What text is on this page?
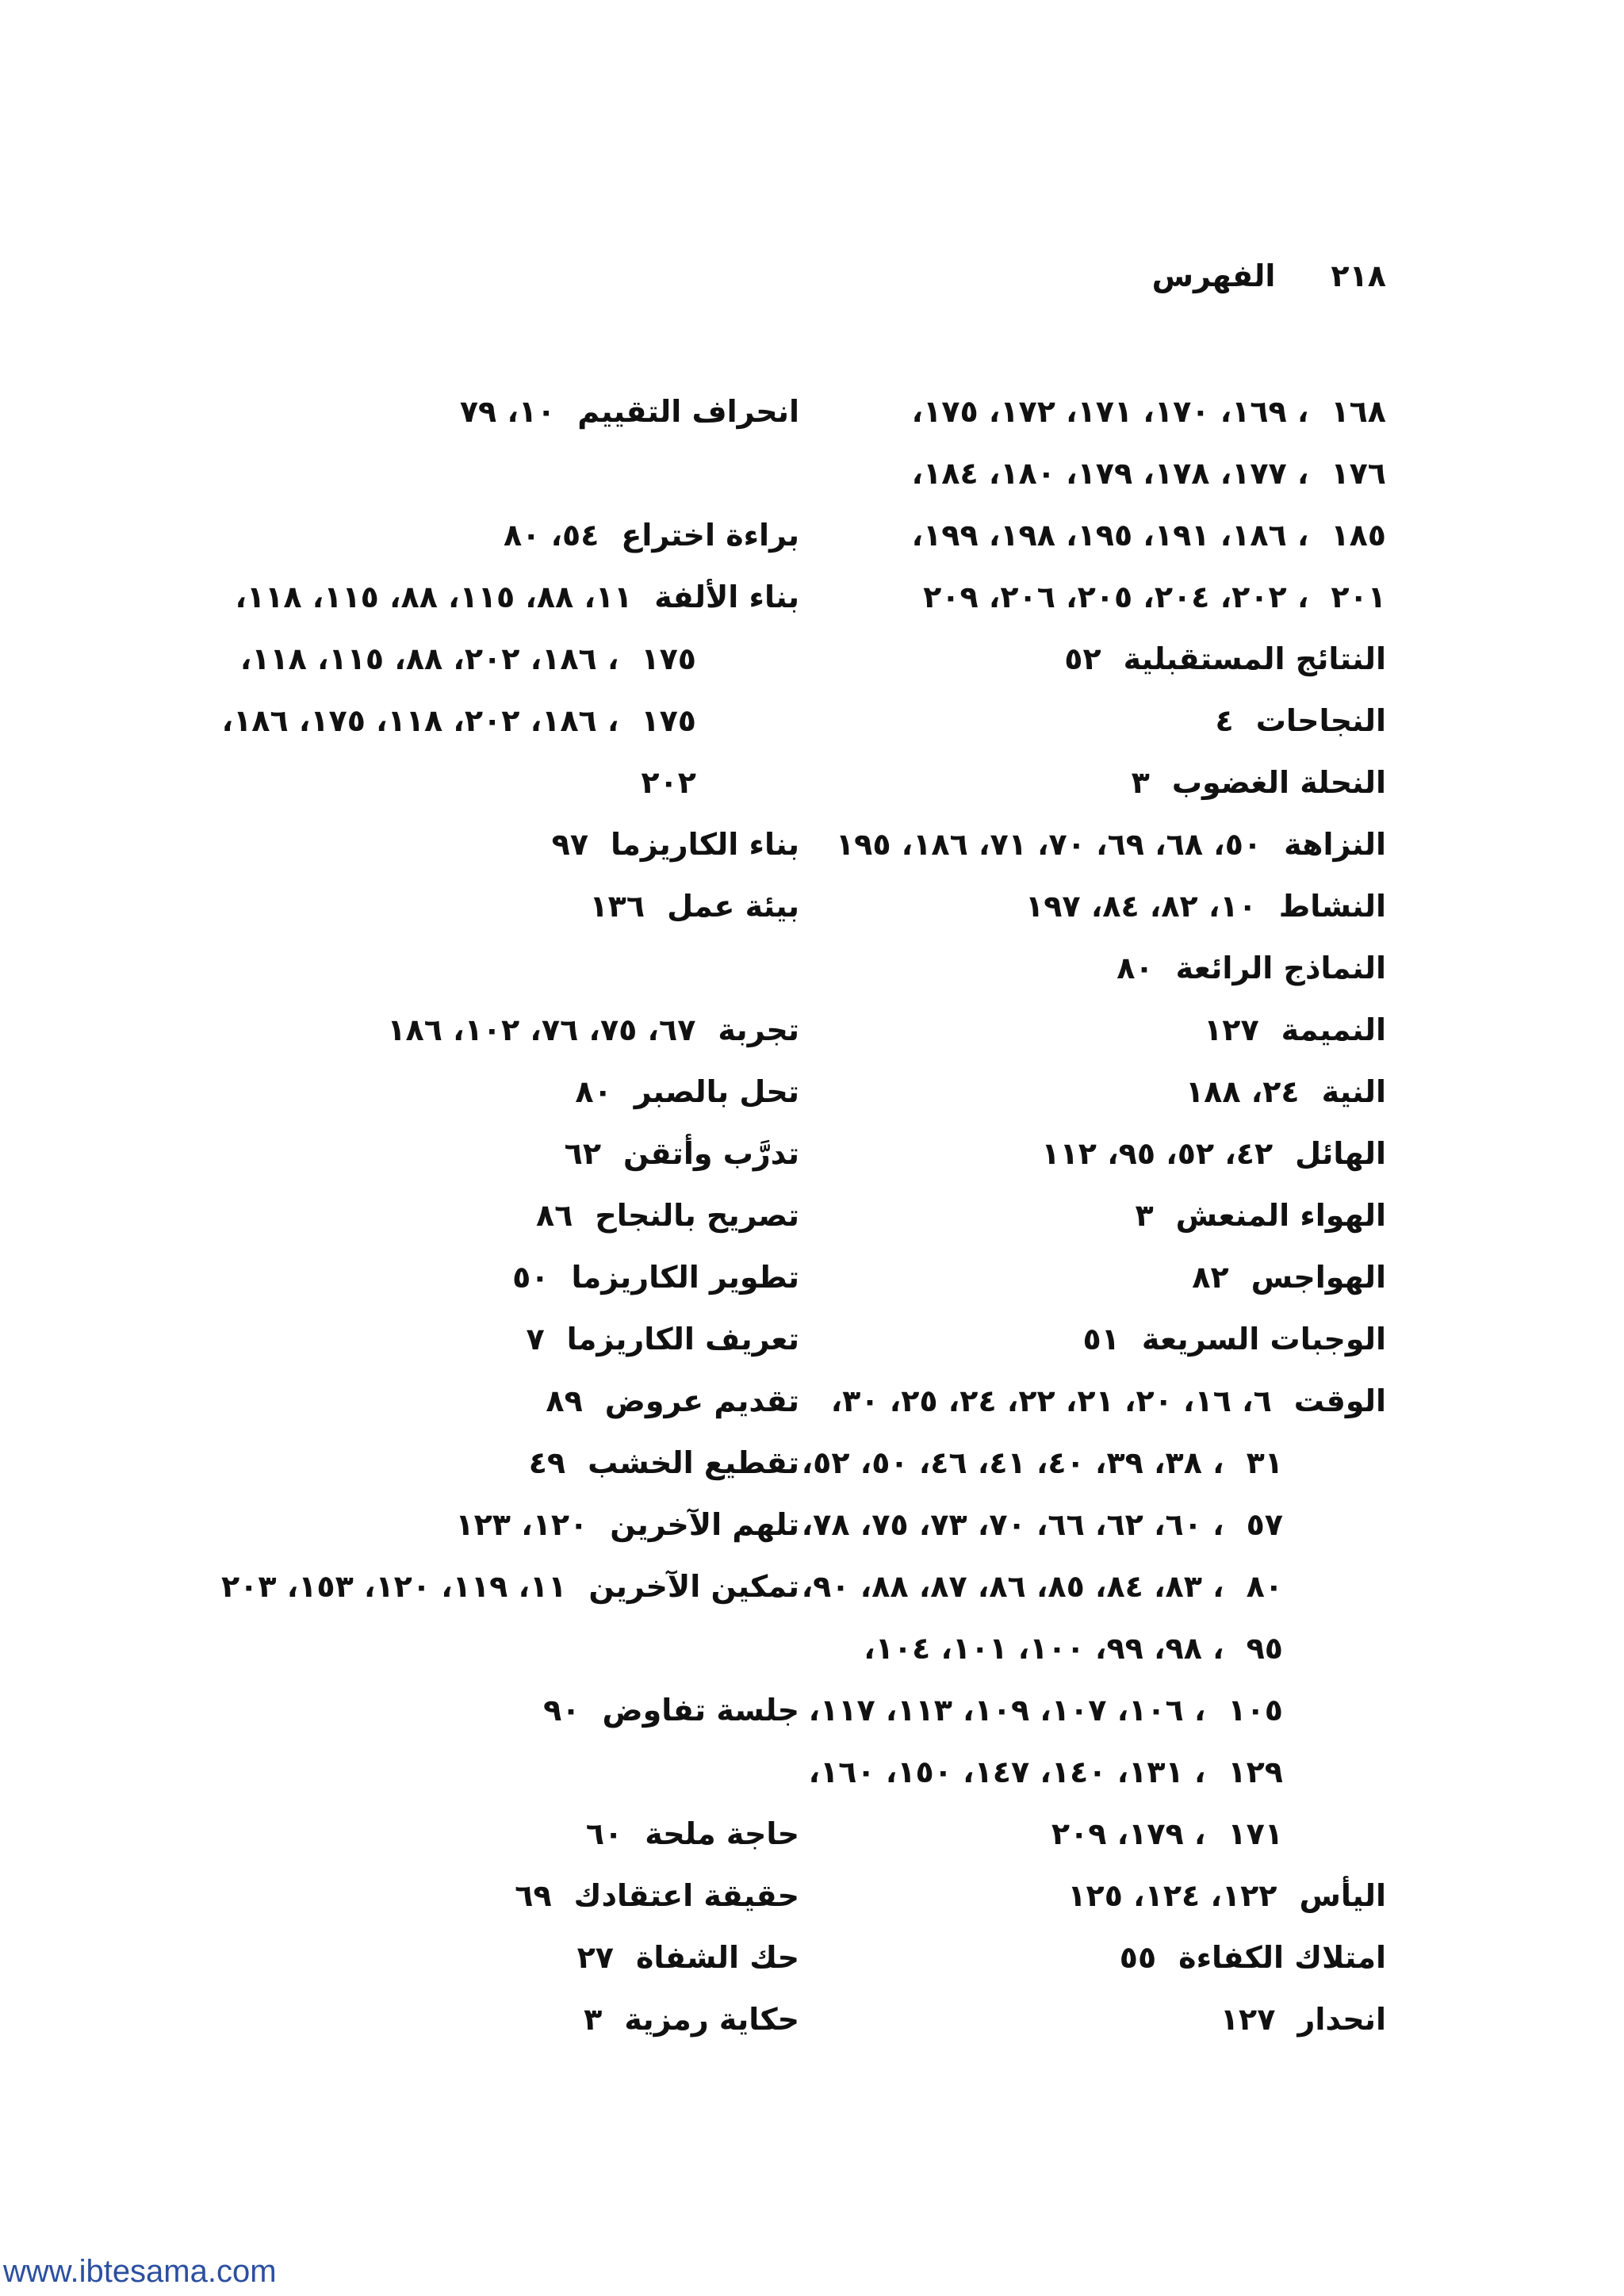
٢١٨
الفهرس
١٦٨، ١٦٩، ١٧٠، ١٧١، ١٧٢، ١٧٥،
١٧٦، ١٧٧، ١٧٨، ١٧٩، ١٨٠، ١٨٤،
١٨٥، ١٨٦، ١٩١، ١٩٥، ١٩٨، ١٩٩،
٢٠١، ٢٠٢، ٢٠٤، ٢٠٥، ٢٠٦، ٢٠٩
النتائج المستقبلية٥٢
النجاحات٤
النحلة الغضوب٣
النزاهة٥٠، ٦٨، ٦٩، ٧٠، ٧١، ١٨٦، ١٩٥
النشاط١٠، ٨٢، ٨٤، ١٩٧
النماذج الرائعة٨٠
النميمة١٢٧
النية٢٤، ١٨٨
الهائل٤٢، ٥٢، ٩٥، ١١٢
الهواء المنعش٣
الهواجس٨٢
الوجبات السريعة٥١
الوقت٦، ١٦، ٢٠، ٢١، ٢٢، ٢٤، ٢٥، ٣٠،
٣١، ٣٨، ٣٩، ٤٠، ٤١، ٤٦، ٥٠، ٥٢،
٥٧، ٦٠، ٦٢، ٦٦، ٧٠، ٧٣، ٧٥، ٧٨،
٨٠، ٨٣، ٨٤، ٨٥، ٨٦، ٨٧، ٨٨، ٩٠،
٩٥، ٩٨، ٩٩، ١٠٠، ١٠١، ١٠٤،
١٠٥، ١٠٦، ١٠٧، ١٠٩، ١١٣، ١١٧،
١٢٩، ١٣١، ١٤٠، ١٤٧، ١٥٠، ١٦٠،
١٧١، ١٧٩، ٢٠٩
اليأس١٢٢، ١٢٤، ١٢٥
امتلاك الكفاءة٥٥
انحدار١٢٧
انحراف التقييم١٠، ٧٩
براءة اختراع٥٤، ٨٠
بناء الألفة١١، ٨٨، ١١٥، ٨٨، ١١٥، ١١٨،
١٧٥، ١٨٦، ٢٠٢، ٨٨، ١١٥، ١١٨،
١٧٥، ١٨٦، ٢٠٢، ١١٨، ١٧٥، ١٨٦،
٢٠٢
بناء الكاريزما٩٧
بيئة عمل١٣٦
تجربة٦٧، ٧٥، ٧٦، ١٠٢، ١٨٦
تحل بالصبر٨٠
تدرَّب وأتقن٦٢
تصريح بالنجاح٨٦
تطوير الكاريزما٥٠
تعريف الكاريزما٧
تقديم عروض٨٩
تقطيع الخشب٤٩
تلهم الآخرين١٢٠، ١٢٣
تمكين الآخرين١١، ١١٩، ١٢٠، ١٥٣، ٢٠٣
جلسة تفاوض٩٠
حاجة ملحة٦٠
حقيقة اعتقادك٦٩
حك الشفاة٢٧
حكاية رمزية٣
www.ibtesama.com
